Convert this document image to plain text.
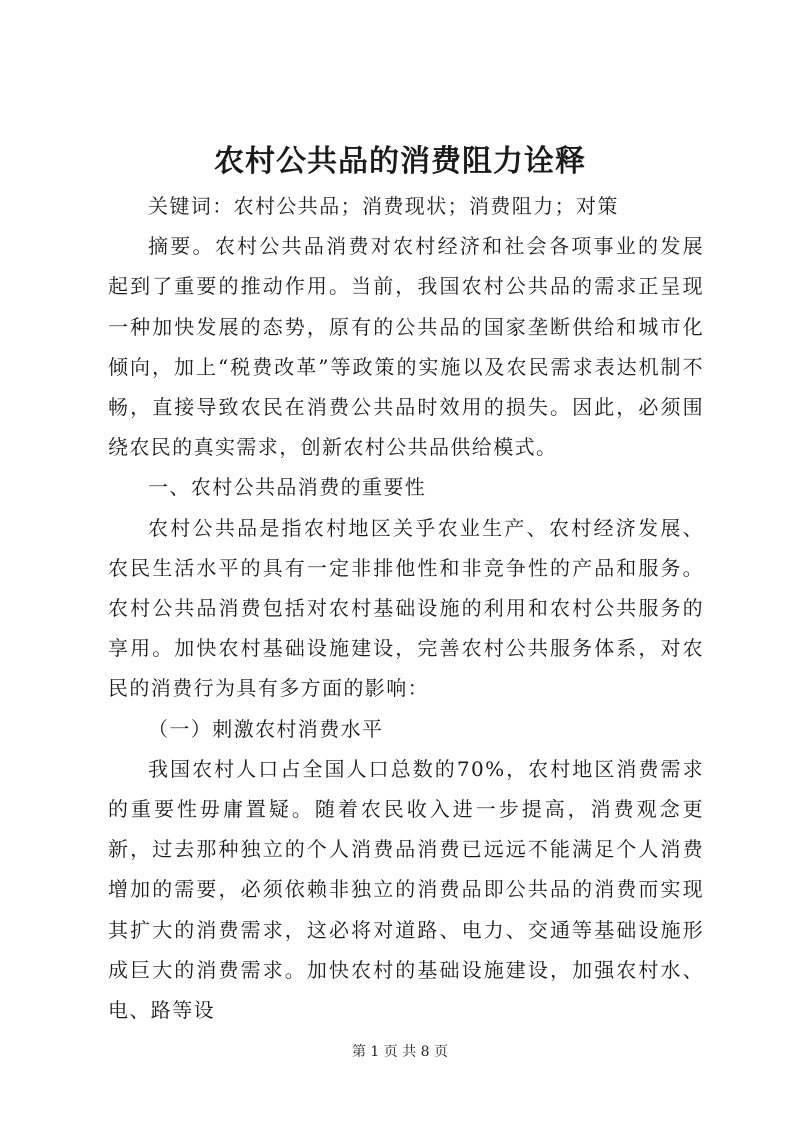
农村公共品的消费阻力诠释

关键词：农村公共品；消费现状；消费阻力；对策

摘要。农村公共品消费对农村经济和社会各项事业的发展起到了重要的推动作用。当前，我国农村公共品的需求正呈现一种加快发展的态势，原有的公共品的国家垄断供给和城市化倾向，加上“税费改革”等政策的实施以及农民需求表达机制不畅，直接导致农民在消费公共品时效用的损失。因此，必须围绕农民的真实需求，创新农村公共品供给模式。

一、农村公共品消费的重要性

农村公共品是指农村地区关乎农业生产、农村经济发展、农民生活水平的具有一定非排他性和非竞争性的产品和服务。农村公共品消费包括对农村基础设施的利用和农村公共服务的享用。加快农村基础设施建设，完善农村公共服务体系，对农民的消费行为具有多方面的影响：

（一）刺激农村消费水平

我国农村人口占全国人口总数的70%，农村地区消费需求的重要性毋庸置疑。随着农民收入进一步提高，消费观念更新，过去那种独立的个人消费品消费已远远不能满足个人消费增加的需要，必须依赖非独立的消费品即公共品的消费而实现其扩大的消费需求，这必将对道路、电力、交通等基础设施形成巨大的消费需求。加快农村的基础设施建设，加强农村水、电、路等设

第 1 页 共 8 页
